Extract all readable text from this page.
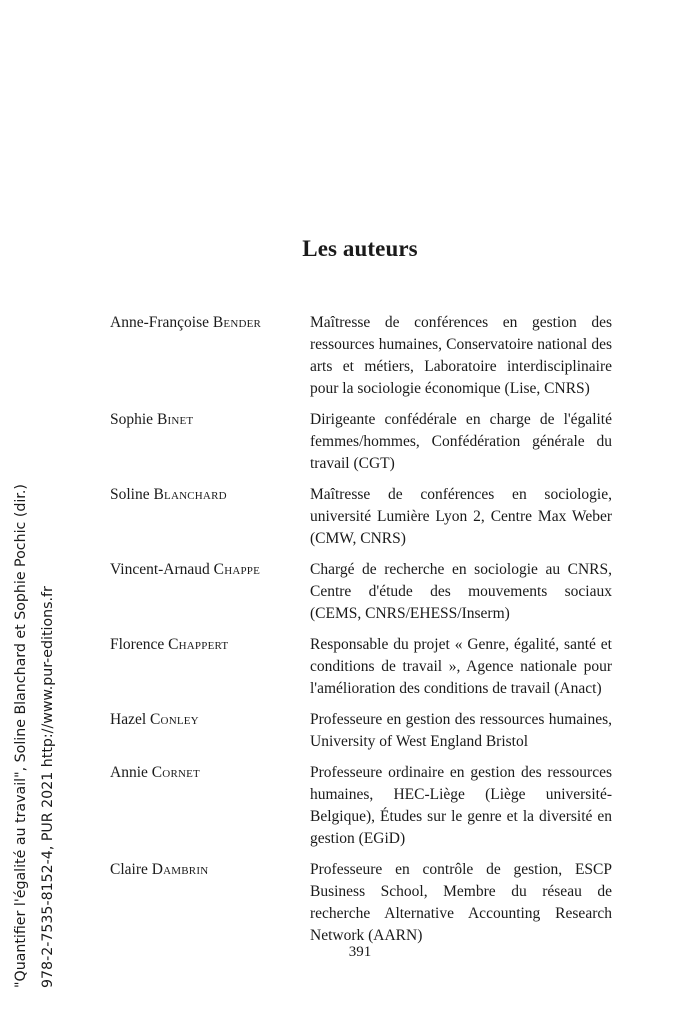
"Quantifier l'égalité au travail", Soline Blanchard et Sophie Pochic (dir.) 978-2-7535-8152-4, PUR 2021 http://www.pur-editions.fr
Les auteurs
Anne-Françoise Bender	Maîtresse de conférences en gestion des ressources humaines, Conservatoire national des arts et métiers, Laboratoire interdisciplinaire pour la sociologie économique (Lise, CNRS)
Sophie Binet	Dirigeante confédérale en charge de l'égalité femmes/hommes, Confédération générale du travail (CGT)
Soline Blanchard	Maîtresse de conférences en sociologie, université Lumière Lyon 2, Centre Max Weber (CMW, CNRS)
Vincent-Arnaud Chappe	Chargé de recherche en sociologie au CNRS, Centre d'étude des mouvements sociaux (CEMS, CNRS/EHESS/Inserm)
Florence Chappert	Responsable du projet « Genre, égalité, santé et conditions de travail », Agence nationale pour l'amélioration des conditions de travail (Anact)
Hazel Conley	Professeure en gestion des ressources humaines, University of West England Bristol
Annie Cornet	Professeure ordinaire en gestion des ressources humaines, HEC-Liège (Liège université-Belgique), Études sur le genre et la diversité en gestion (EGiD)
Claire Dambrin	Professeure en contrôle de gestion, ESCP Business School, Membre du réseau de recherche Alternative Accounting Research Network (AARN)
391
